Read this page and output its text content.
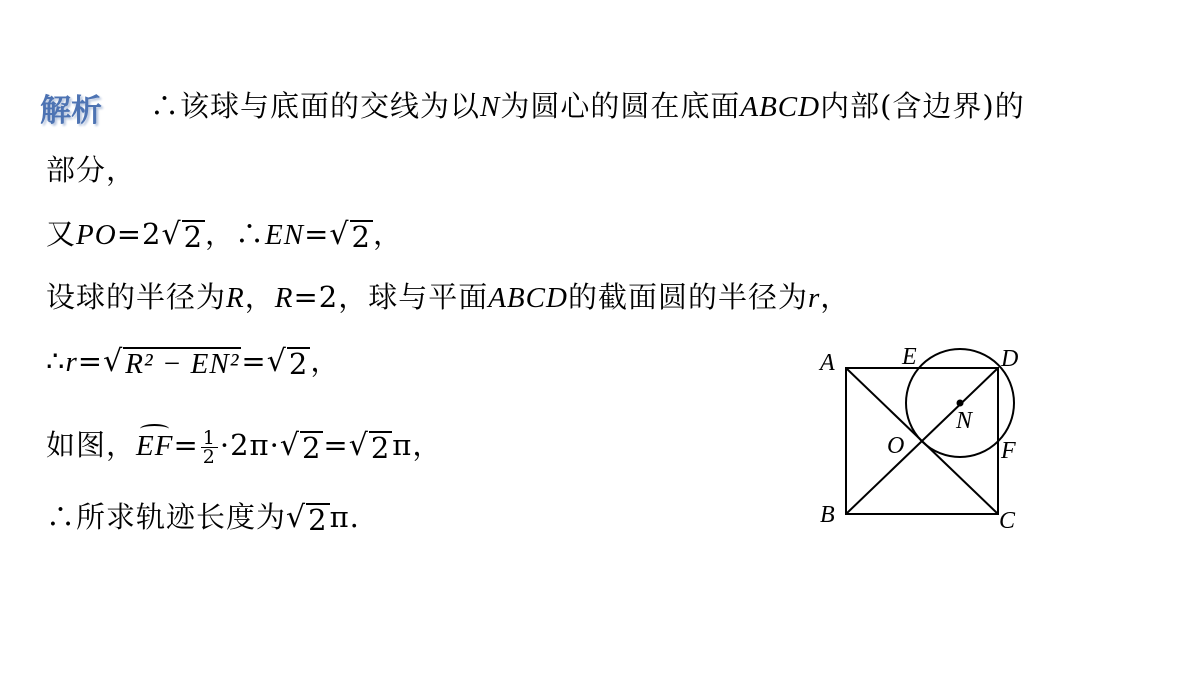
解析 ∴该球与底面的交线为以N为圆心的圆在底面ABCD内部(含边界)的
部分，
又PO=2 √ 2 ，∴EN= √ 2 ，
设球的半径为R，R=2，球与平面ABCD的截面圆的半径为r，
∴r= √ R² − EN² = √ 2 ，
如图，$EF= \frac{1}{2} \cdot 2\pi\cdot$ √ 2 = √ 2 π，
∴所求轨迹长度为 √ 2 π.
A	E	D
N
O	F
B	C
